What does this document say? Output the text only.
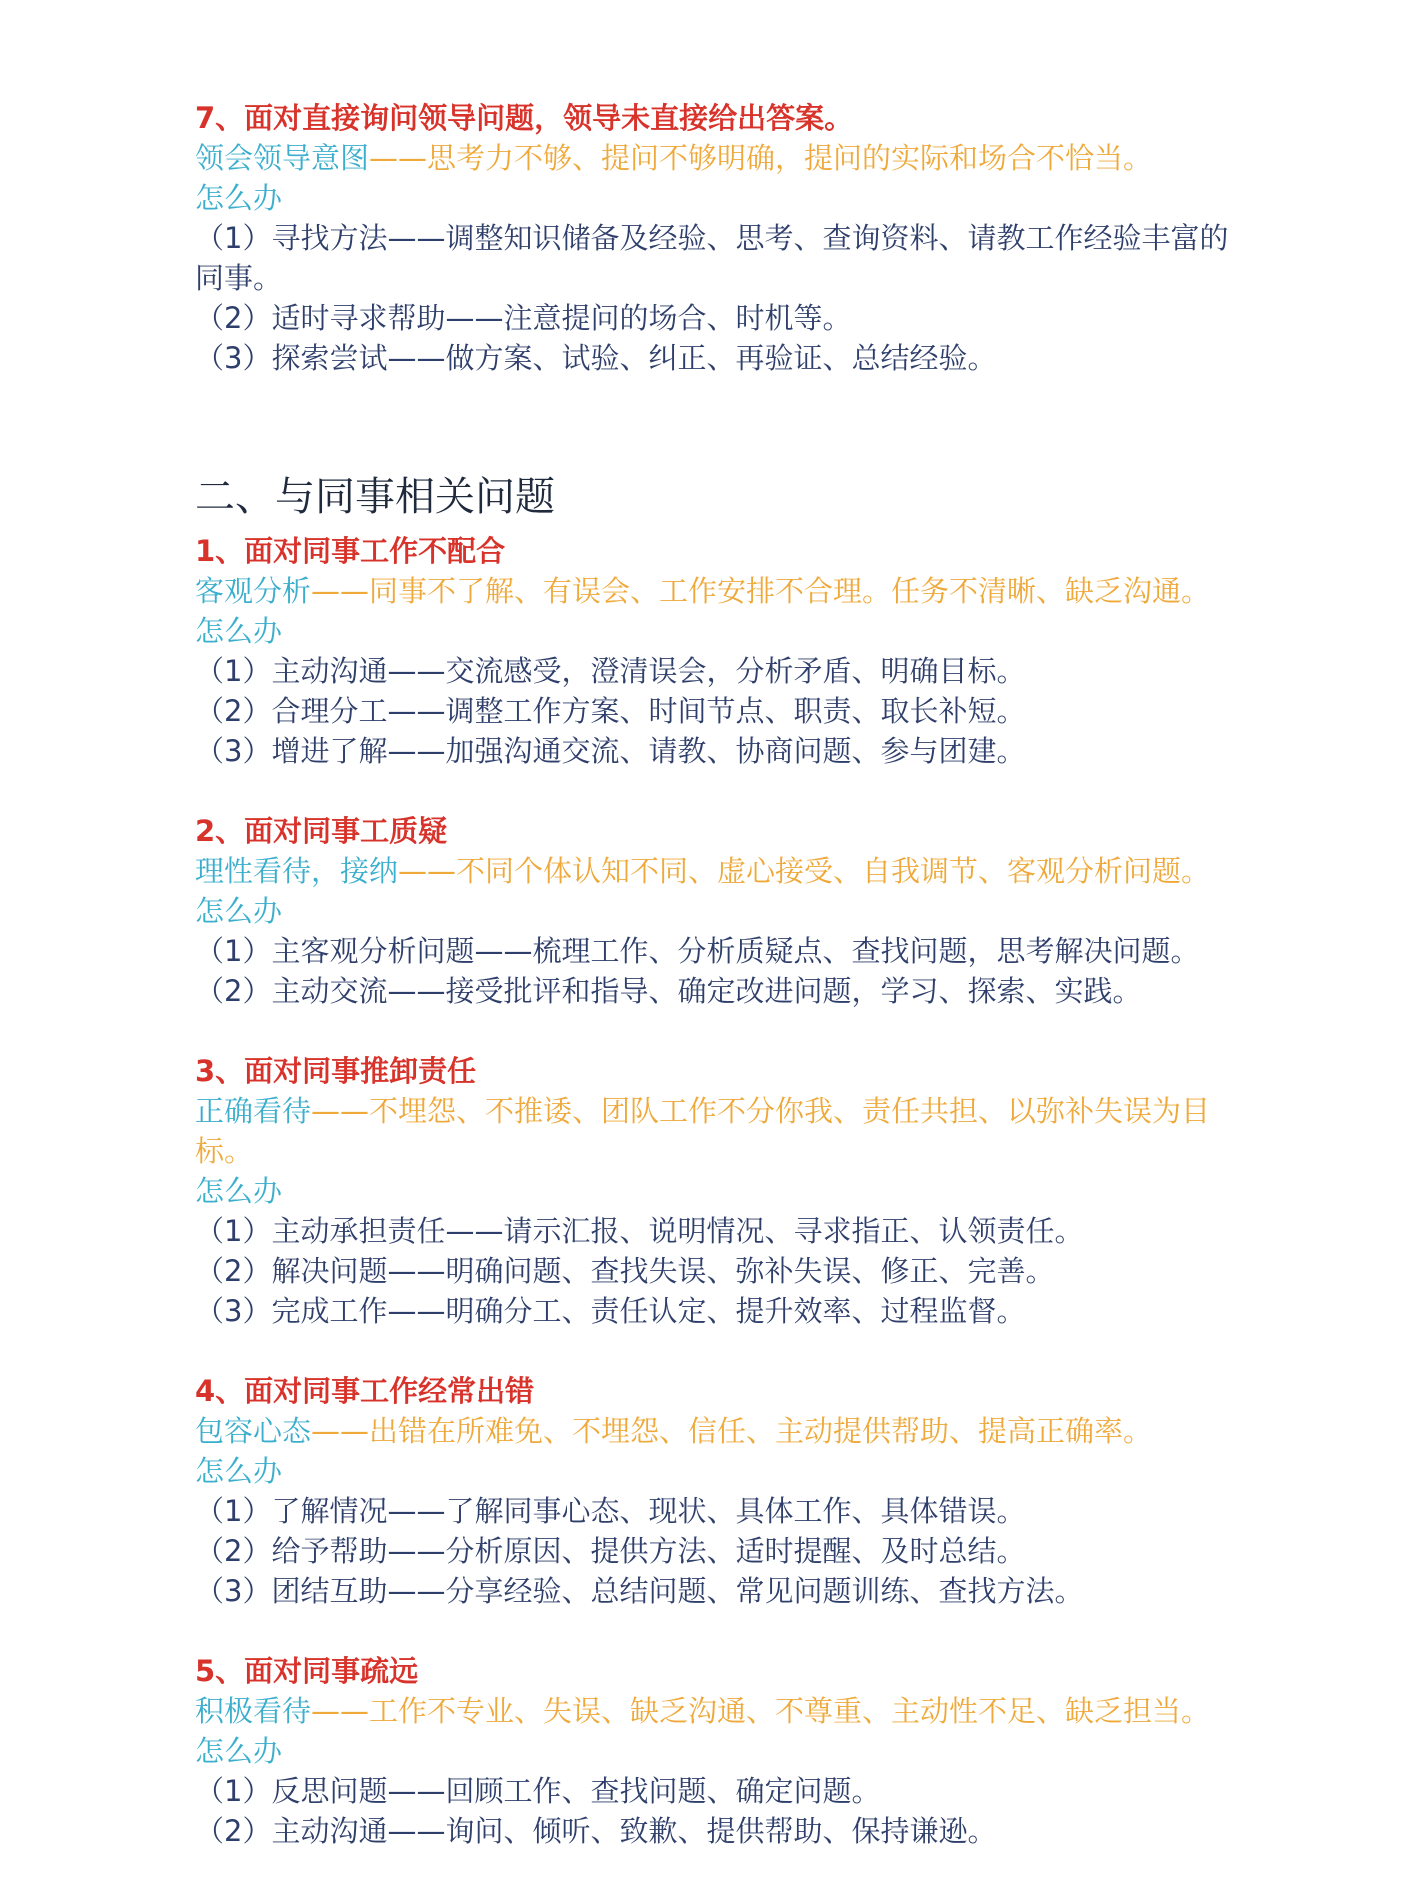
7、面对直接询问领导问题，领导未直接给出答案。
领会领导意图——思考力不够、提问不够明确，提问的实际和场合不恰当。
怎么办
（1）寻找方法——调整知识储备及经验、思考、查询资料、请教工作经验丰富的同事。
（2）适时寻求帮助——注意提问的场合、时机等。
（3）探索尝试——做方案、试验、纠正、再验证、总结经验。
二、与同事相关问题
1、面对同事工作不配合
客观分析——同事不了解、有误会、工作安排不合理。任务不清晰、缺乏沟通。
怎么办
（1）主动沟通——交流感受，澄清误会，分析矛盾、明确目标。
（2）合理分工——调整工作方案、时间节点、职责、取长补短。
（3）增进了解——加强沟通交流、请教、协商问题、参与团建。
2、面对同事工质疑
理性看待，接纳——不同个体认知不同、虚心接受、自我调节、客观分析问题。
怎么办
（1）主客观分析问题——梳理工作、分析质疑点、查找问题，思考解决问题。
（2）主动交流——接受批评和指导、确定改进问题，学习、探索、实践。
3、面对同事推卸责任
正确看待——不埋怨、不推诿、团队工作不分你我、责任共担、以弥补失误为目标。
怎么办
（1）主动承担责任——请示汇报、说明情况、寻求指正、认领责任。
（2）解决问题——明确问题、查找失误、弥补失误、修正、完善。
（3）完成工作——明确分工、责任认定、提升效率、过程监督。
4、面对同事工作经常出错
包容心态——出错在所难免、不埋怨、信任、主动提供帮助、提高正确率。
怎么办
（1）了解情况——了解同事心态、现状、具体工作、具体错误。
（2）给予帮助——分析原因、提供方法、适时提醒、及时总结。
（3）团结互助——分享经验、总结问题、常见问题训练、查找方法。
5、面对同事疏远
积极看待——工作不专业、失误、缺乏沟通、不尊重、主动性不足、缺乏担当。
怎么办
（1）反思问题——回顾工作、查找问题、确定问题。
（2）主动沟通——询问、倾听、致歉、提供帮助、保持谦逊。
